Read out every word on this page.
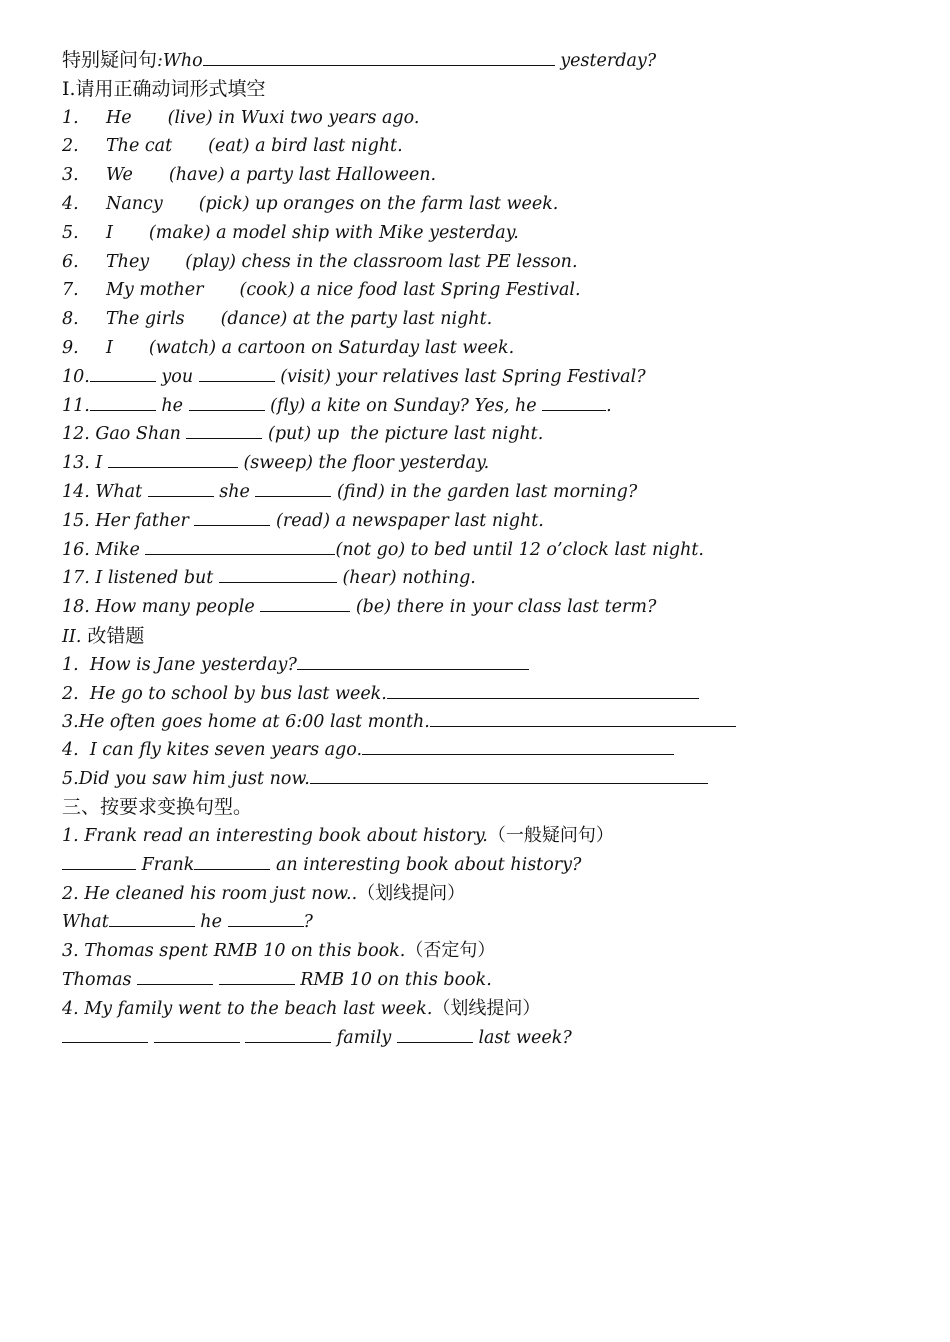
特别疑问句:Who	yesterday?
I.请用正确动词形式填空
1. He (live) in Wuxi two years ago.
2. The cat (eat) a bird last night.
3. We (have) a party last Halloween.
4. Nancy (pick) up oranges on the farm last week.
5. I (make) a model ship with Mike yesterday.
6. They (play) chess in the classroom last PE lesson.
7. My mother (cook) a nice food last Spring Festival.
8. The girls (dance) at the party last night.
9. I (watch) a cartoon on Saturday last week.
10.	you	(visit) your relatives last Spring Festival?
11.	he	(fly) a kite on Sunday? Yes, he	.
12. Gao Shan	(put) up  the picture last night.
13. I	(sweep) the floor yesterday.
14. What	she	(find) in the garden last morning?
15. Her father	(read) a newspaper last night.
16. Mike	(not go) to bed until 12 o’clock last night.
17. I listened but	(hear) nothing.
18. How many people	(be) there in your class last term?
II. 改错题
1.  How is Jane yesterday?
2.  He go to school by bus last week.
3.He often goes home at 6:00 last month.
4.  I can fly kites seven years ago.
5.Did you saw him just now.
三、按要求变换句型。
1. Frank read an interesting book about history.（一般疑问句）
Frank	an interesting book about history?
2. He cleaned his room just now..（划线提问）
What	he	?
3. Thomas spent RMB 10 on this book.（否定句）
Thomas	RMB 10 on this book.
4. My family went to the beach last week.（划线提问）
family	last week?
